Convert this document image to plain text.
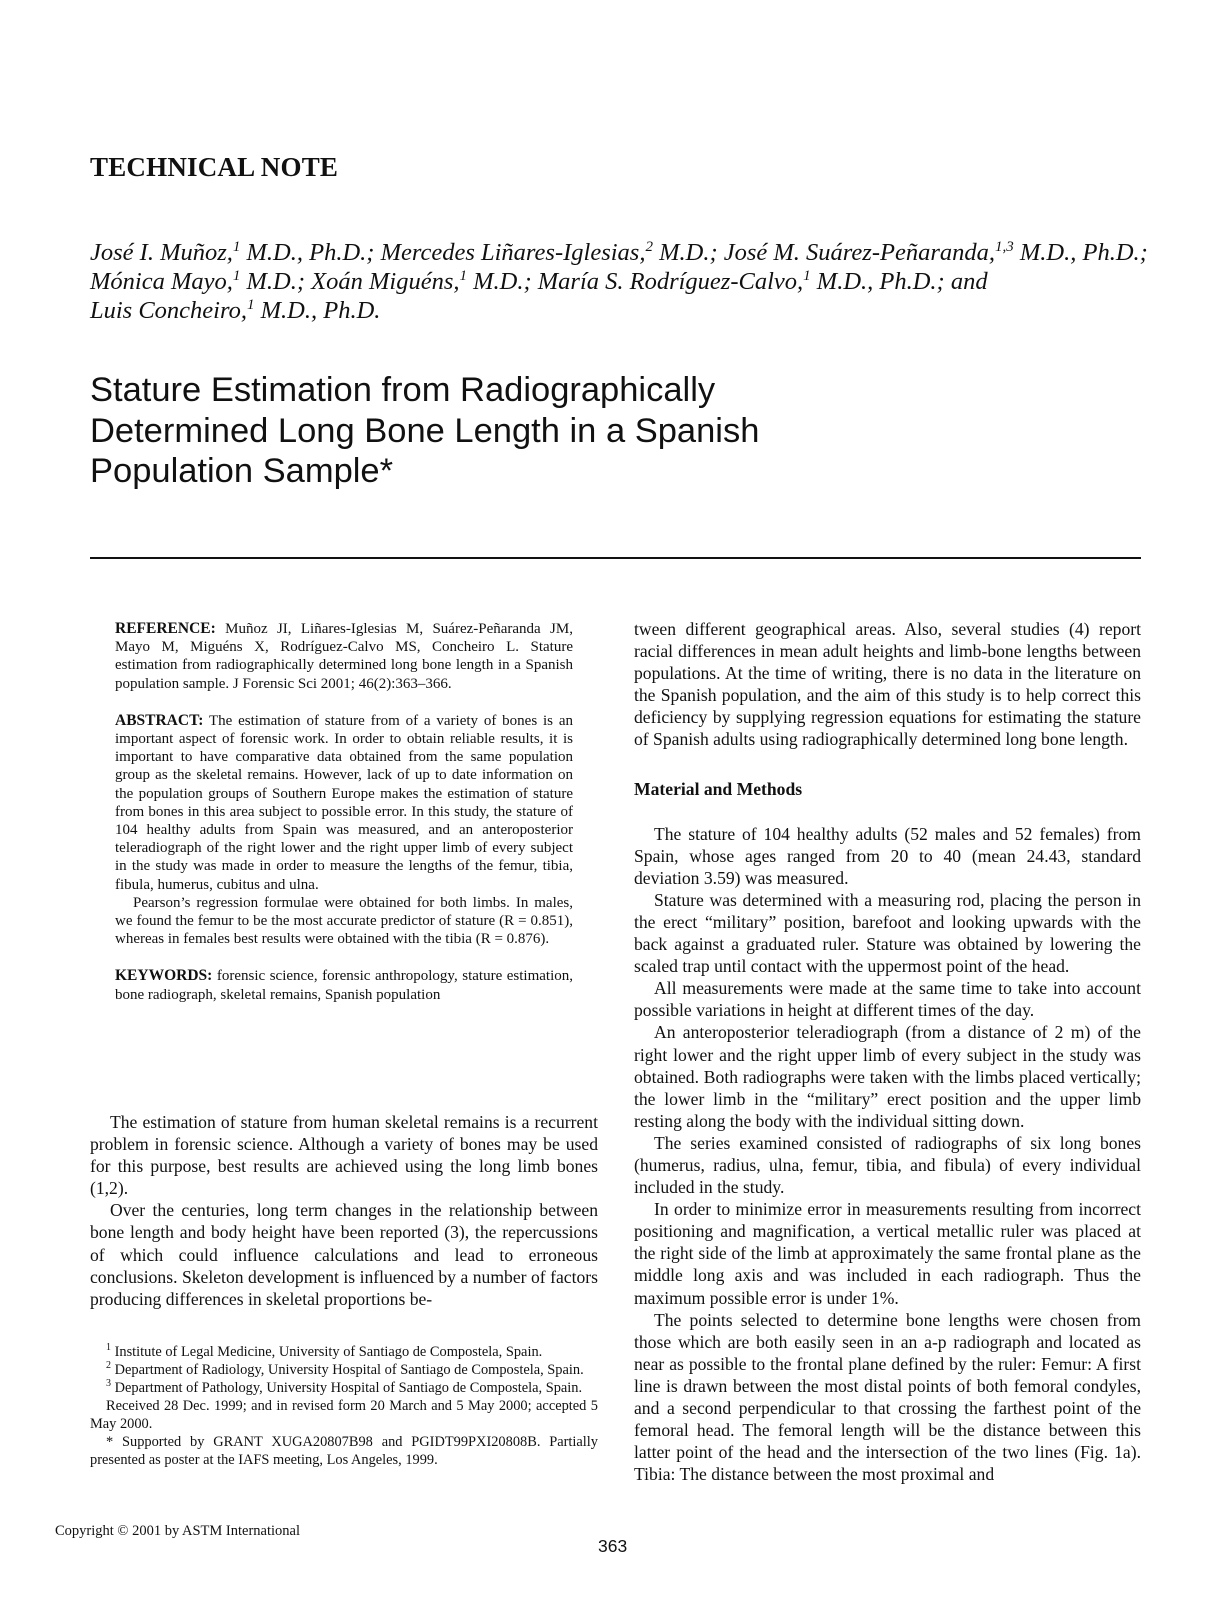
TECHNICAL NOTE
José I. Muñoz,$^1$ M.D., Ph.D.; Mercedes Liñares-Iglesias,$^2$ M.D.; José M. Suárez-Peñaranda,$^{1,3}$ M.D., Ph.D.;
Mónica Mayo,$^1$ M.D.; Xoán Miguéns,$^1$ M.D.; María S. Rodríguez-Calvo,$^1$ M.D., Ph.D.; and
Luis Concheiro,$^1$ M.D., Ph.D.
Stature Estimation from Radiographically Determined Long Bone Length in a Spanish Population Sample*

REFERENCE: Muñoz JI, Liñares-Iglesias M, Suárez-Peñaranda JM, Mayo M, Miguéns X, Rodríguez-Calvo MS, Concheiro L. Stature estimation from radiographically determined long bone length in a Spanish population sample. J Forensic Sci 2001; 46(2):363–366.

ABSTRACT: The estimation of stature from of a variety of bones is an important aspect of forensic work. In order to obtain reliable results, it is important to have comparative data obtained from the same population group as the skeletal remains. However, lack of up to date information on the population groups of Southern Europe makes the estimation of stature from bones in this area subject to possible error. In this study, the stature of 104 healthy adults from Spain was measured, and an anteroposterior teleradiograph of the right lower and the right upper limb of every subject in the study was made in order to measure the lengths of the femur, tibia, fibula, humerus, cubitus and ulna.

Pearson’s regression formulae were obtained for both limbs. In males, we found the femur to be the most accurate predictor of stature (R = 0.851), whereas in females best results were obtained with the tibia (R = 0.876).

KEYWORDS: forensic science, forensic anthropology, stature estimation, bone radiograph, skeletal remains, Spanish population

The estimation of stature from human skeletal remains is a recurrent problem in forensic science. Although a variety of bones may be used for this purpose, best results are achieved using the long limb bones (1,2).

Over the centuries, long term changes in the relationship between bone length and body height have been reported (3), the repercussions of which could influence calculations and lead to erroneous conclusions. Skeleton development is influenced by a number of factors producing differences in skeletal proportions be-

$^1$ Institute of Legal Medicine, University of Santiago de Compostela, Spain.

$^2$ Department of Radiology, University Hospital of Santiago de Compostela, Spain.

$^3$ Department of Pathology, University Hospital of Santiago de Compostela, Spain.

Received 28 Dec. 1999; and in revised form 20 March and 5 May 2000; accepted 5 May 2000.

* Supported by GRANT XUGA20807B98 and PGIDT99PXI20808B. Partially presented as poster at the IAFS meeting, Los Angeles, 1999.

tween different geographical areas. Also, several studies (4) report racial differences in mean adult heights and limb-bone lengths between populations. At the time of writing, there is no data in the literature on the Spanish population, and the aim of this study is to help correct this deficiency by supplying regression equations for estimating the stature of Spanish adults using radiographically determined long bone length.

Material and Methods

The stature of 104 healthy adults (52 males and 52 females) from Spain, whose ages ranged from 20 to 40 (mean 24.43, standard deviation 3.59) was measured.

Stature was determined with a measuring rod, placing the person in the erect “military” position, barefoot and looking upwards with the back against a graduated ruler. Stature was obtained by lowering the scaled trap until contact with the uppermost point of the head.

All measurements were made at the same time to take into account possible variations in height at different times of the day.

An anteroposterior teleradiograph (from a distance of 2 m) of the right lower and the right upper limb of every subject in the study was obtained. Both radiographs were taken with the limbs placed vertically; the lower limb in the “military” erect position and the upper limb resting along the body with the individual sitting down.

The series examined consisted of radiographs of six long bones (humerus, radius, ulna, femur, tibia, and fibula) of every individual included in the study.

In order to minimize error in measurements resulting from incorrect positioning and magnification, a vertical metallic ruler was placed at the right side of the limb at approximately the same frontal plane as the middle long axis and was included in each radiograph. Thus the maximum possible error is under 1%.

The points selected to determine bone lengths were chosen from those which are both easily seen in an a-p radiograph and located as near as possible to the frontal plane defined by the ruler: Femur: A first line is drawn between the most distal points of both femoral condyles, and a second perpendicular to that crossing the farthest point of the femoral head. The femoral length will be the distance between this latter point of the head and the intersection of the two lines (Fig. 1a). Tibia: The distance between the most proximal and

Copyright © 2001 by ASTM International
363
